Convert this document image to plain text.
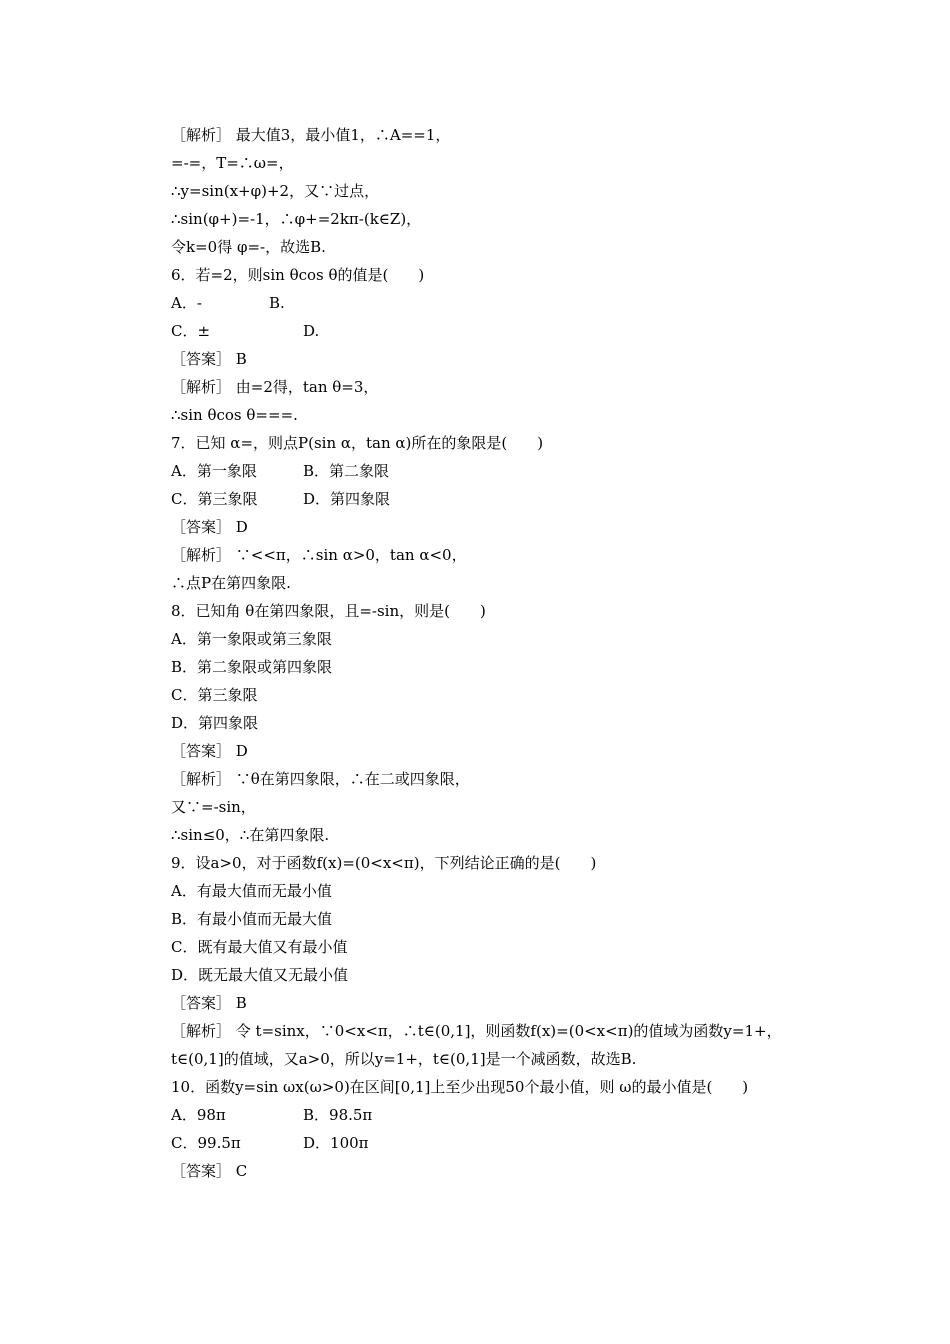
［解析］ 最大值3，最小值1，∴A==1，
=-=，T=∴ω=，
∴y=sin(x+φ)+2，又∵过点，
∴sin(φ+)=-1，∴φ+=2kπ-(k∈Z)，
令k=0得 φ=-，故选B.
6．若=2，则sin θcos θ的值是(　　)
A．-	B.
C．±	D.
［答案］ B
［解析］ 由=2得，tan θ=3，
∴sin θcos θ===.
7．已知 α=，则点P(sin α，tan α)所在的象限是(　　)
A．第一象限	B．第二象限
C．第三象限	D．第四象限
［答案］ D
［解析］ ∵<<π，∴sin α>0，tan α<0，
∴点P在第四象限.
8．已知角 θ在第四象限，且=-sin，则是(　　)
A．第一象限或第三象限
B．第二象限或第四象限
C．第三象限
D．第四象限
［答案］ D
［解析］ ∵θ在第四象限，∴在二或四象限，
又∵=-sin，
∴sin≤0，∴在第四象限.
9．设a>0，对于函数f(x)=(0<x<π)，下列结论正确的是(　　)
A．有最大值而无最小值
B．有最小值而无最大值
C．既有最大值又有最小值
D．既无最大值又无最小值
［答案］ B
［解析］ 令 t=sinx，∵0<x<π，∴t∈(0,1]，则函数f(x)=(0<x<π)的值域为函数y=1+，t∈(0,1]的值域，又a>0，所以y=1+，t∈(0,1]是一个减函数，故选B.
10．函数y=sin ωx(ω>0)在区间[0,1]上至少出现50个最小值，则 ω的最小值是(　　)
A．98π	B．98.5π
C．99.5π	D．100π
［答案］ C
